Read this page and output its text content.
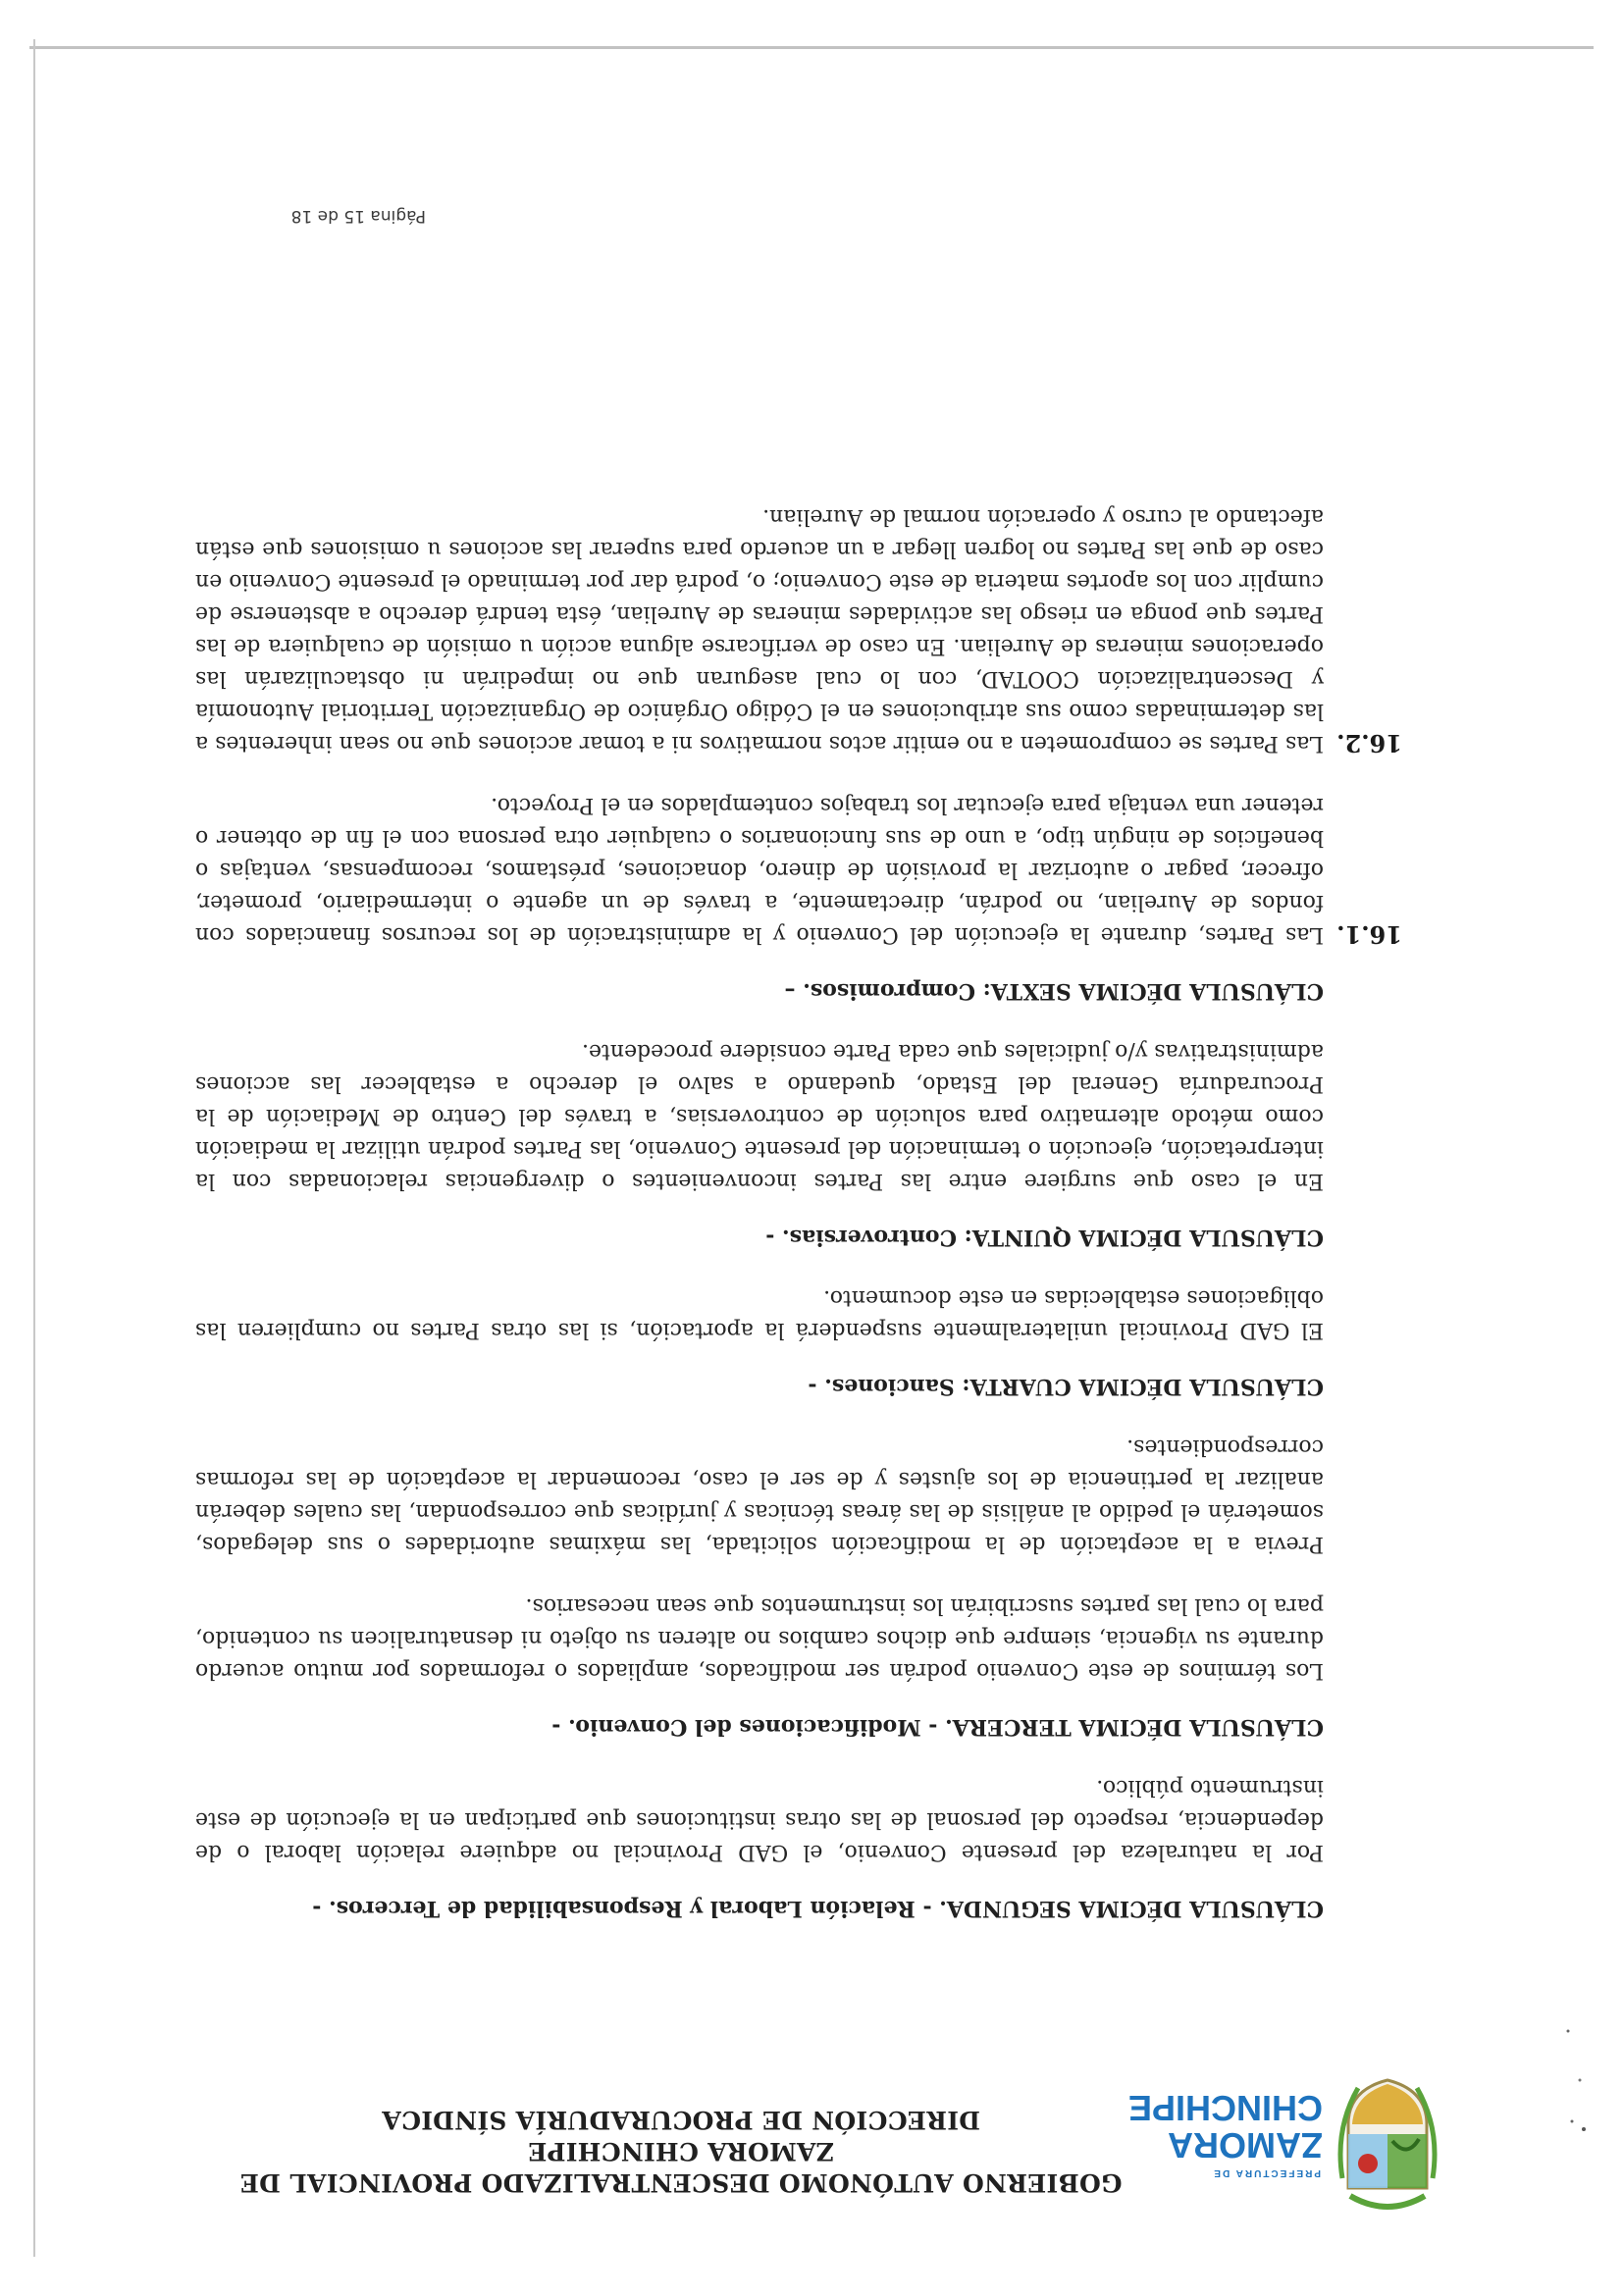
PREFECTURA DE
ZAMORA
CHINCHIPE
GOBIERNO AUTÓNOMO DESCENTRALIZADO PROVINCIAL DE
ZAMORA CHINCHIPE
DIRECCIÓN DE PROCURADURÍA SÍNDICA
CLÁUSULA DÉCIMA SEGUNDA. - Relación Laboral y Responsabilidad de Terceros. -

Por la naturaleza del presente Convenio, el GAD Provincial no adquiere relación laboral o de dependencia, respecto del personal de las otras instituciones que participan en la ejecución de este instrumento público.

CLÁUSULA DÉCIMA TERCERA. - Modificaciones del Convenio. -

Los términos de este Convenio podrán ser modificados, ampliados o reformados por mutuo acuerdo durante su vigencia, siempre que dichos cambios no alteren su objeto ni desnaturalicen su contenido, para lo cual las partes suscribirán los instrumentos que sean necesarios.

Previa a la aceptación de la modificación solicitada, las máximas autoridades o sus delegados, someterán el pedido al análisis de las áreas técnicas y jurídicas que correspondan, las cuales deberán analizar la pertinencia de los ajustes y de ser el caso, recomendar la aceptación de las reformas correspondientes.

CLÁUSULA DÉCIMA CUARTA: Sanciones. -

El GAD Provincial unilateralmente suspenderá la aportación, si las otras Partes no cumplieren las obligaciones establecidas en este documento.

CLÁUSULA DÉCIMA QUINTA: Controversias. -

En el caso que surgiere entre las Partes inconvenientes o divergencias relacionadas con la interpretación, ejecución o terminación del presente Convenio, las Partes podrán utilizar la mediación como método alternativo para solución de controversias, a través del Centro de Mediación de la Procuraduría General del Estado, quedando a salvo el derecho a establecer las acciones administrativas y/o judiciales que cada Parte considere procedente.

CLÁUSULA DÉCIMA SEXTA: Compromisos. –
16.1.

Las Partes, durante la ejecución del Convenio y la administración de los recursos financiados con fondos de Aurelian, no podrán, directamente, a través de un agente o intermediario, prometer, ofrecer, pagar o autorizar la provisión de dinero, donaciones, préstamos, recompensas, ventajas o beneficios de ningún tipo, a uno de sus funcionarios o cualquier otra persona con el fin de obtener o retener una ventaja para ejecutar los trabajos contemplados en el Proyecto.

16.2.

Las Partes se comprometen a no emitir actos normativos ni a tomar acciones que no sean inherentes a las determinadas como sus atribuciones en el Código Orgánico de Organización Territorial Autonomía y Descentralización COOTAD, con lo cual aseguran que no impedirán ni obstaculizarán las operaciones mineras de Aurelian. En caso de verificarse alguna acción u omisión de cualquiera de las Partes que ponga en riesgo las actividades mineras de Aurelian, ésta tendrá derecho a abstenerse de cumplir con los aportes materia de este Convenio; o, podrá dar por terminado el presente Convenio en caso de que las Partes no logren llegar a un acuerdo para superar las acciones u omisiones que están afectando al curso y operación normal de Aurelian.

Página 15 de 18
